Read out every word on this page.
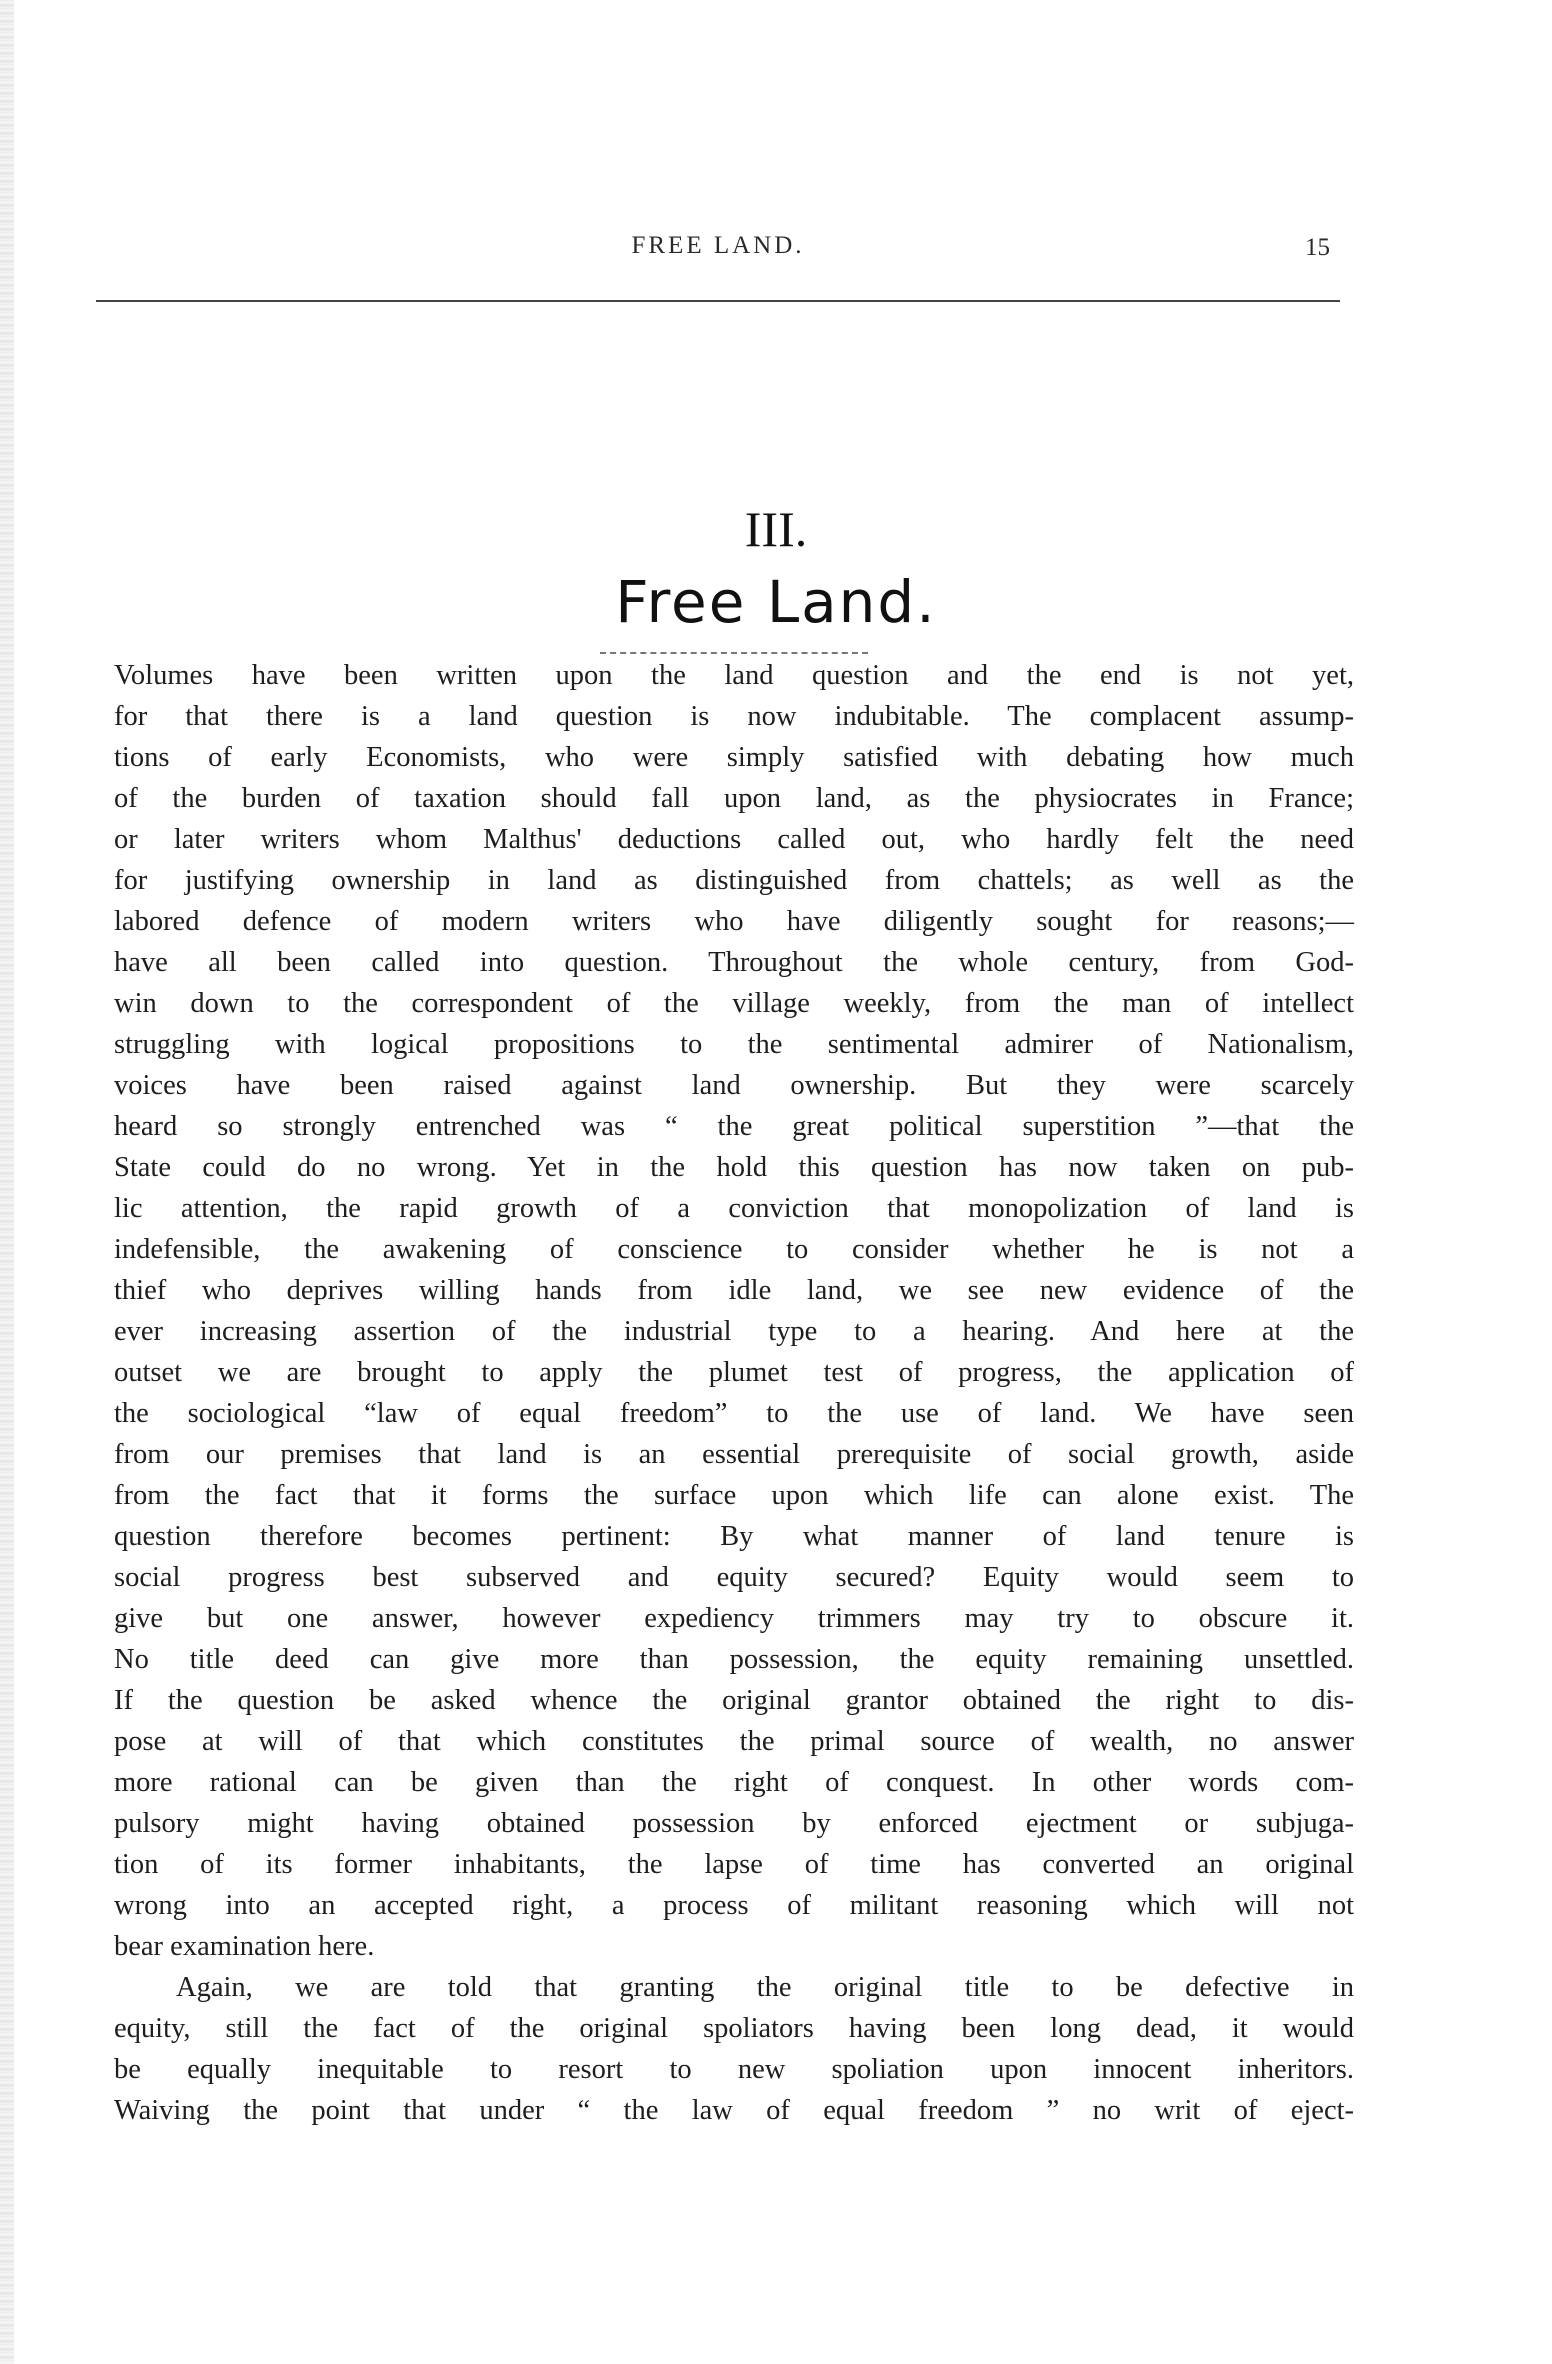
FREE LAND.	15
III.
Free Land.
Volumes have been written upon the land question and the end is not yet,
for that there is a land question is now indubitable. The complacent assump-
tions of early Economists, who were simply satisfied with debating how much
of the burden of taxation should fall upon land, as the physiocrates in France;
or later writers whom Malthus' deductions called out, who hardly felt the need
for justifying ownership in land as distinguished from chattels; as well as the
labored defence of modern writers who have diligently sought for reasons;—
have all been called into question. Throughout the whole century, from God-
win down to the correspondent of the village weekly, from the man of intellect
struggling with logical propositions to the sentimental admirer of Nationalism,
voices have been raised against land ownership. But they were scarcely
heard so strongly entrenched was “ the great political superstition ”—that the
State could do no wrong. Yet in the hold this question has now taken on pub-
lic attention, the rapid growth of a conviction that monopolization of land is
indefensible, the awakening of conscience to consider whether he is not a
thief who deprives willing hands from idle land, we see new evidence of the
ever increasing assertion of the industrial type to a hearing. And here at the
outset we are brought to apply the plumet test of progress, the application of
the sociological “law of equal freedom” to the use of land. We have seen
from our premises that land is an essential prerequisite of social growth, aside
from the fact that it forms the surface upon which life can alone exist. The
question therefore becomes pertinent: By what manner of land tenure is
social progress best subserved and equity secured? Equity would seem to
give but one answer, however expediency trimmers may try to obscure it.
No title deed can give more than possession, the equity remaining unsettled.
If the question be asked whence the original grantor obtained the right to dis-
pose at will of that which constitutes the primal source of wealth, no answer
more rational can be given than the right of conquest. In other words com-
pulsory might having obtained possession by enforced ejectment or subjuga-
tion of its former inhabitants, the lapse of time has converted an original
wrong into an accepted right, a process of militant reasoning which will not
bear examination here.
Again, we are told that granting the original title to be defective in
equity, still the fact of the original spoliators having been long dead, it would
be equally inequitable to resort to new spoliation upon innocent inheritors.
Waiving the point that under “ the law of equal freedom ” no writ of eject-
